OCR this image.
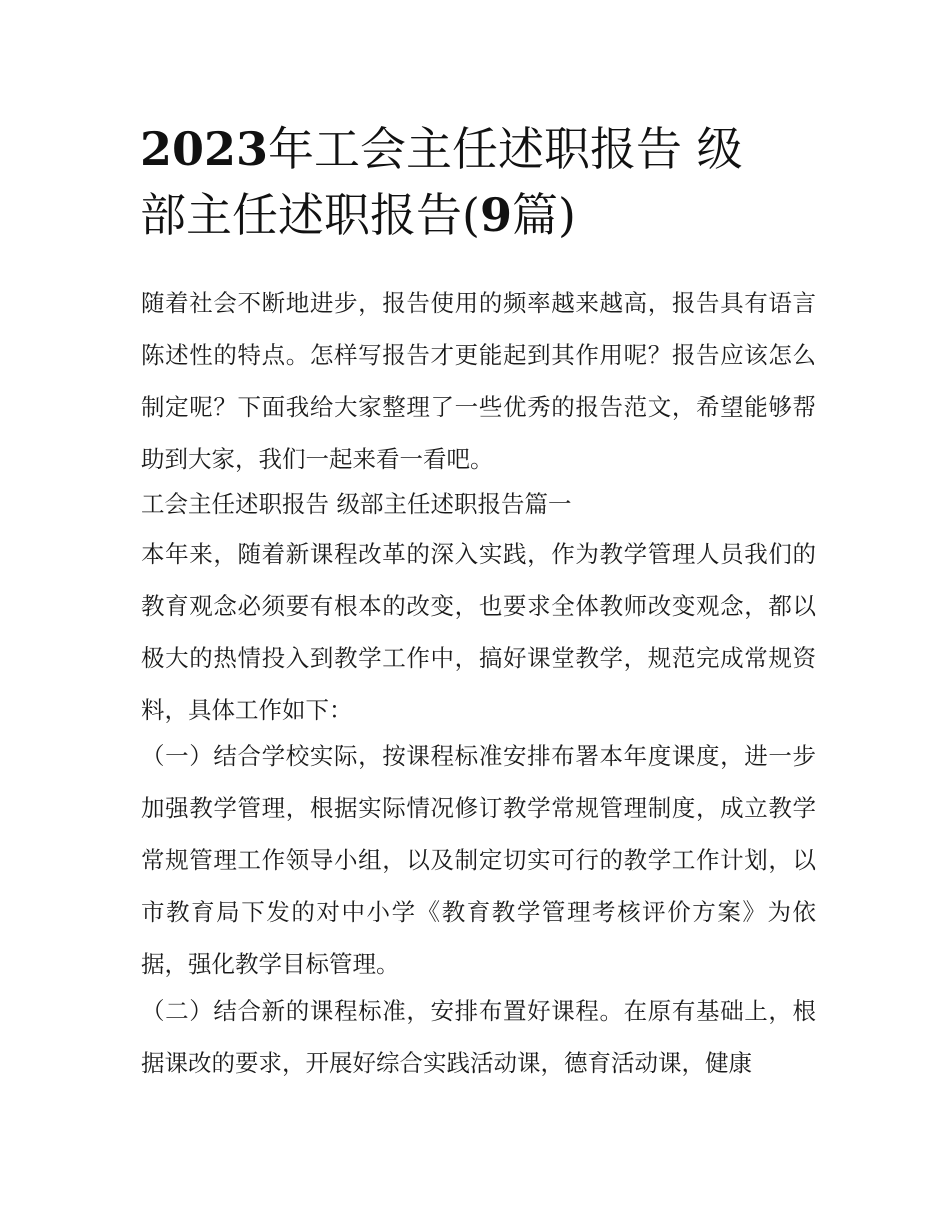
2023年工会主任述职报告 级
部主任述职报告(9篇)

随着社会不断地进步，报告使用的频率越来越高，报告具有语言陈述性的特点。怎样写报告才更能起到其作用呢？报告应该怎么制定呢？下面我给大家整理了一些优秀的报告范文，希望能够帮助到大家，我们一起来看一看吧。

工会主任述职报告 级部主任述职报告篇一

本年来，随着新课程改革的深入实践，作为教学管理人员我们的教育观念必须要有根本的改变，也要求全体教师改变观念，都以极大的热情投入到教学工作中，搞好课堂教学，规范完成常规资料，具体工作如下：

（一）结合学校实际，按课程标准安排布署本年度课度，进一步加强教学管理，根据实际情况修订教学常规管理制度，成立教学常规管理工作领导小组，以及制定切实可行的教学工作计划，以市教育局下发的对中小学《教育教学管理考核评价方案》为依据，强化教学目标管理。

（二）结合新的课程标准，安排布置好课程。在原有基础上，根据课改的要求，开展好综合实践活动课，德育活动课，健康
